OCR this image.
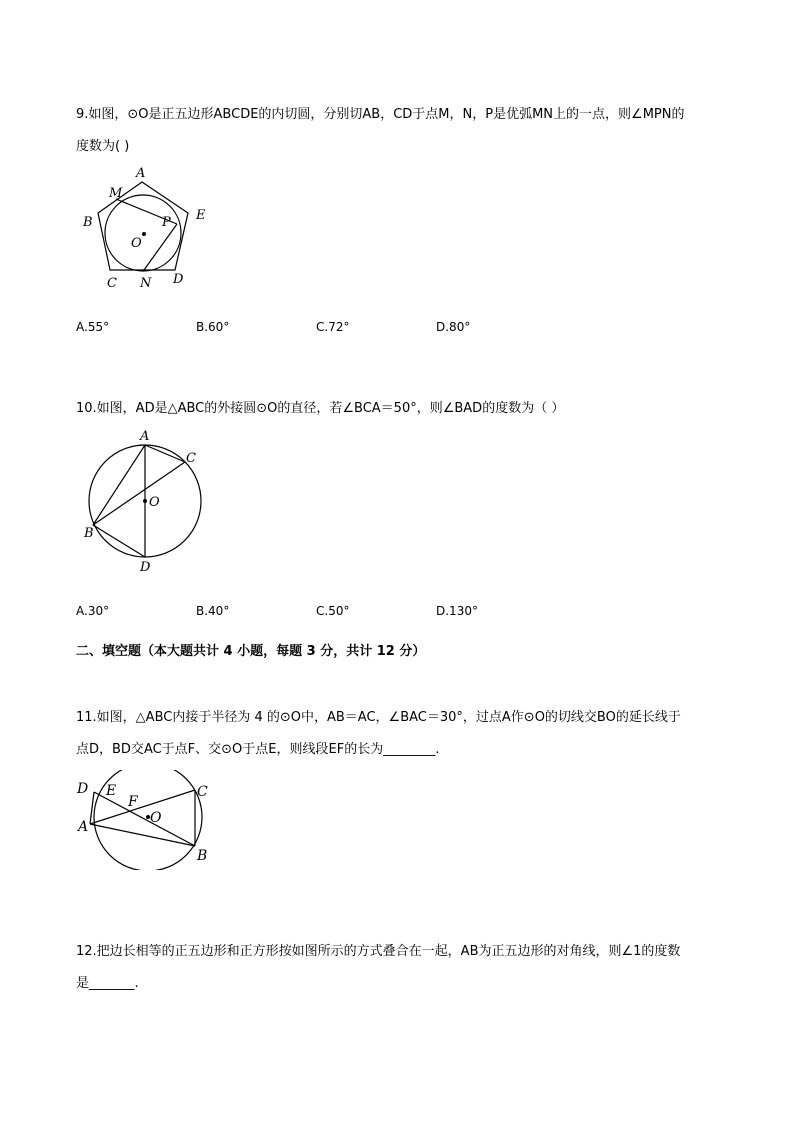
9.如图，⊙O是正五边形ABCDE的内切圆，分别切AB，CD于点M，N，P是优弧MN上的一点，则∠MPN的
度数为( )
A
M
B	P E
O
C N D
A.55°	B.60°	C.72°	D.80°
10.如图，AD是△ABC的外接圆⊙O的直径，若∠BCA＝50°，则∠BAD的度数为（ ）
A
C
O
B
D
A.30°	B.40°	C.50°	D.130°
二、填空题（本大题共计 4 小题，每题 3 分，共计 12 分）
11.如图，△ABC内接于半径为 4 的⊙O中，AB＝AC，∠BAC＝30°，过点A作⊙O的切线交BO的延长线于
点D，BD交AC于点F、交⊙O于点E，则线段EF的长为________.
D E	C
F
O
A
B
12.把边长相等的正五边形和正方形按如图所示的方式叠合在一起，AB为正五边形的对角线，则∠1的度数
是_______.
